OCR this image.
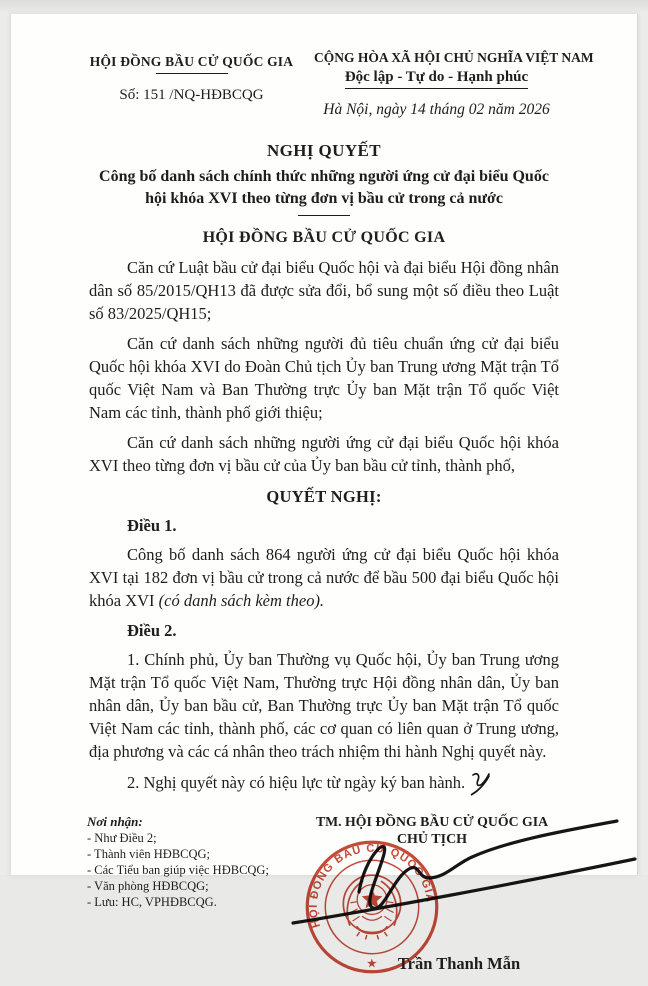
HỘI ĐỒNG BẦU CỬ QUỐC GIA
Số: 151 /NQ-HĐBCQG
CỘNG HÒA XÃ HỘI CHỦ NGHĨA VIỆT NAM
Độc lập - Tự do - Hạnh phúc
Hà Nội, ngày 14 tháng 02 năm 2026
NGHỊ QUYẾT
Công bố danh sách chính thức những người ứng cử đại biểu Quốc hội khóa XVI theo từng đơn vị bầu cử trong cả nước
HỘI ĐỒNG BẦU CỬ QUỐC GIA

Căn cứ Luật bầu cử đại biểu Quốc hội và đại biểu Hội đồng nhân dân số 85/2015/QH13 đã được sửa đổi, bổ sung một số điều theo Luật số 83/2025/QH15;

Căn cứ danh sách những người đủ tiêu chuẩn ứng cử đại biểu Quốc hội khóa XVI do Đoàn Chủ tịch Ủy ban Trung ương Mặt trận Tổ quốc Việt Nam và Ban Thường trực Ủy ban Mặt trận Tổ quốc Việt Nam các tỉnh, thành phố giới thiệu;

Căn cứ danh sách những người ứng cử đại biểu Quốc hội khóa XVI theo từng đơn vị bầu cử của Ủy ban bầu cử tỉnh, thành phố,

QUYẾT NGHỊ:

Điều 1.

Công bố danh sách 864 người ứng cử đại biểu Quốc hội khóa XVI tại 182 đơn vị bầu cử trong cả nước để bầu 500 đại biểu Quốc hội khóa XVI (có danh sách kèm theo).

Điều 2.

1. Chính phủ, Ủy ban Thường vụ Quốc hội, Ủy ban Trung ương Mặt trận Tổ quốc Việt Nam, Thường trực Hội đồng nhân dân, Ủy ban nhân dân, Ủy ban bầu cử, Ban Thường trực Ủy ban Mặt trận Tổ quốc Việt Nam các tỉnh, thành phố, các cơ quan có liên quan ở Trung ương, địa phương và các cá nhân theo trách nhiệm thi hành Nghị quyết này.

2. Nghị quyết này có hiệu lực từ ngày ký ban hành.

Nơi nhận:
- Như Điều 2;
- Thành viên HĐBCQG;
- Các Tiểu ban giúp việc HĐBCQG;
- Văn phòng HĐBCQG;
- Lưu: HC, VPHĐBCQG.
TM. HỘI ĐỒNG BẦU CỬ QUỐC GIA
CHỦ TỊCH
HỘI ĐỒNG BẦU CỬ QUỐC GIA
★	Trần Thanh Mẫn
